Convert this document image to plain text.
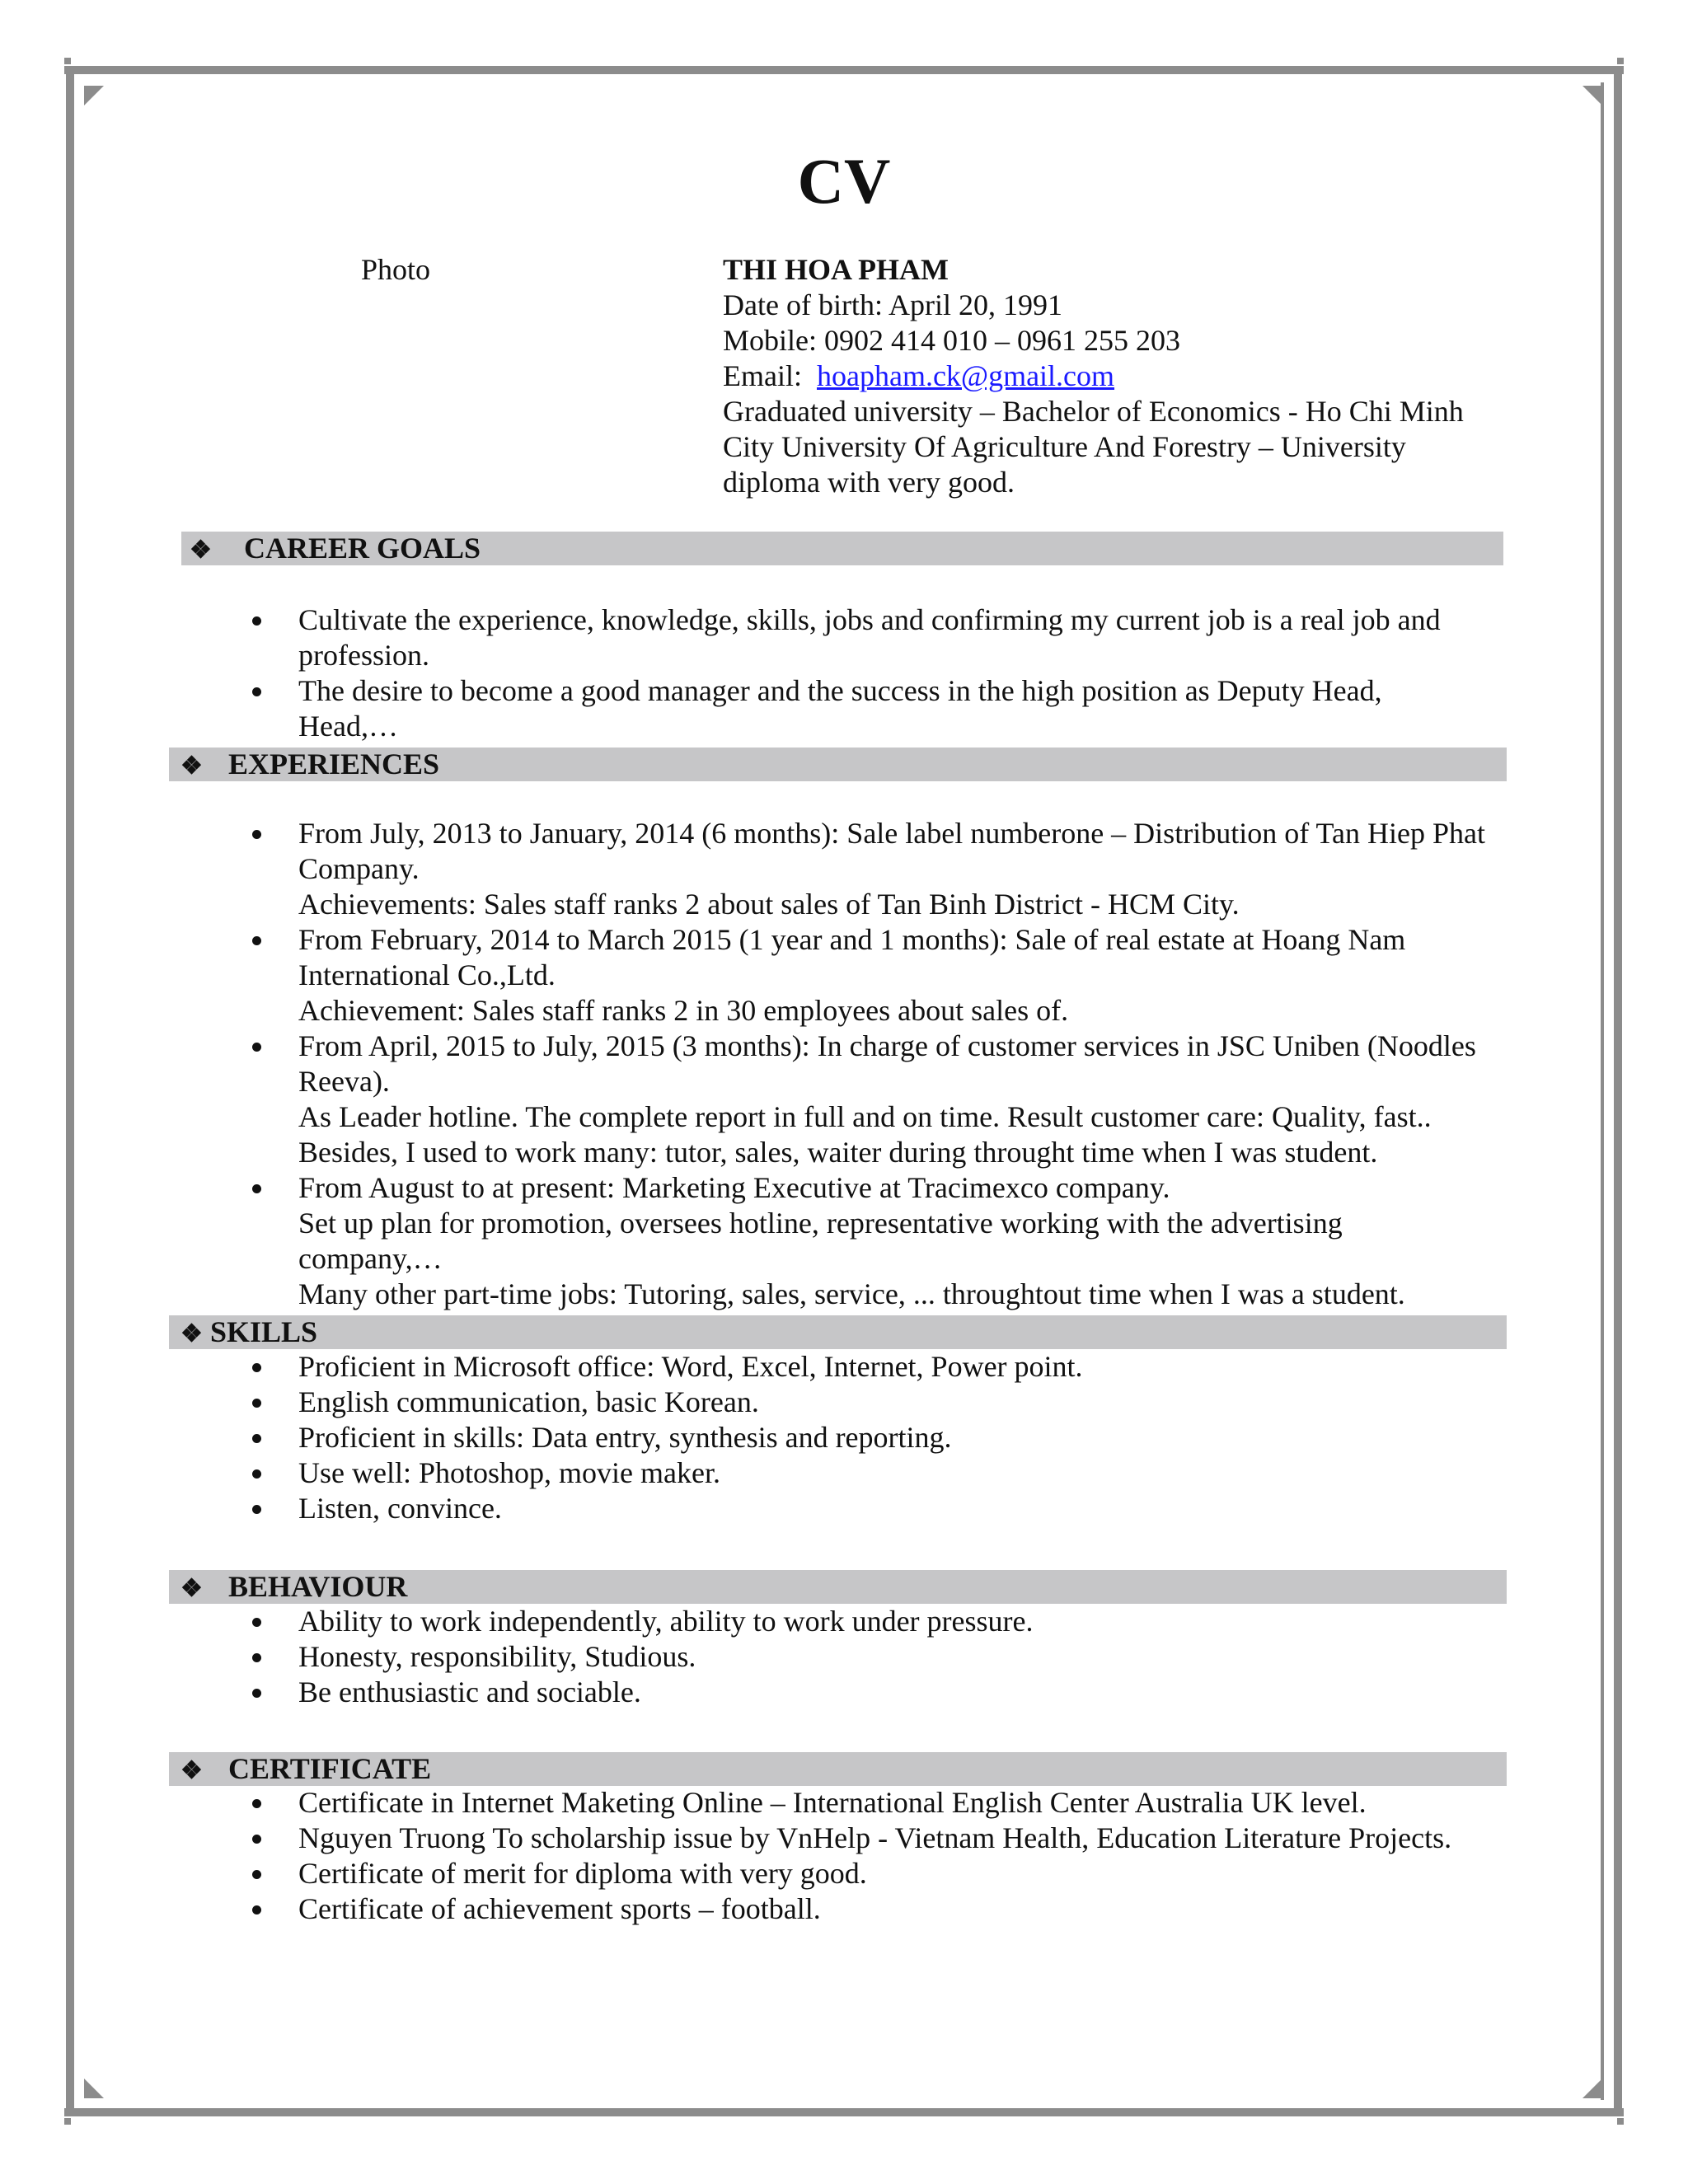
CV
Photo	THI HOA PHAM
Date of birth: April 20, 1991
Mobile: 0902 414 010 – 0961 255 203
Email: hoapham.ck@gmail.com
Graduated university – Bachelor of Economics - Ho Chi Minh City University Of Agriculture And Forestry – University diploma with very good.
❖ CAREER GOALS
Cultivate the experience, knowledge, skills, jobs and confirming my current job is a real job and profession.
The desire to become a good manager and the success in the high position as Deputy Head, Head,…
❖ EXPERIENCES
From July, 2013 to January, 2014 (6 months): Sale label numberone – Distribution of Tan Hiep Phat Company.
Achievements: Sales staff ranks 2 about sales of Tan Binh District - HCM City.
From February, 2014 to March 2015 (1 year and 1 months): Sale of real estate at Hoang Nam International Co.,Ltd.
Achievement: Sales staff ranks 2 in 30 employees about sales of.
From April, 2015 to July, 2015 (3 months): In charge of customer services in JSC Uniben (Noodles Reeva).
As Leader hotline. The complete report in full and on time. Result customer care: Quality, fast..
Besides, I used to work many: tutor, sales, waiter during throught time when I was student.
From August to at present: Marketing Executive at Tracimexco company.
Set up plan for promotion, oversees hotline, representative working with the advertising company,…
Many other part-time jobs: Tutoring, sales, service, ... throughtout time when I was a student.
❖ SKILLS
Proficient in Microsoft office: Word, Excel, Internet, Power point.
English communication, basic Korean.
Proficient in skills: Data entry, synthesis and reporting.
Use well: Photoshop, movie maker.
Listen, convince.
❖ BEHAVIOUR
Ability to work independently, ability to work under pressure.
Honesty, responsibility, Studious.
Be enthusiastic and sociable.
❖ CERTIFICATE
Certificate in Internet Maketing Online – International English Center Australia UK level.
Nguyen Truong To scholarship issue by VnHelp - Vietnam Health, Education Literature Projects.
Certificate of merit for diploma with very good.
Certificate of achievement sports – football.
